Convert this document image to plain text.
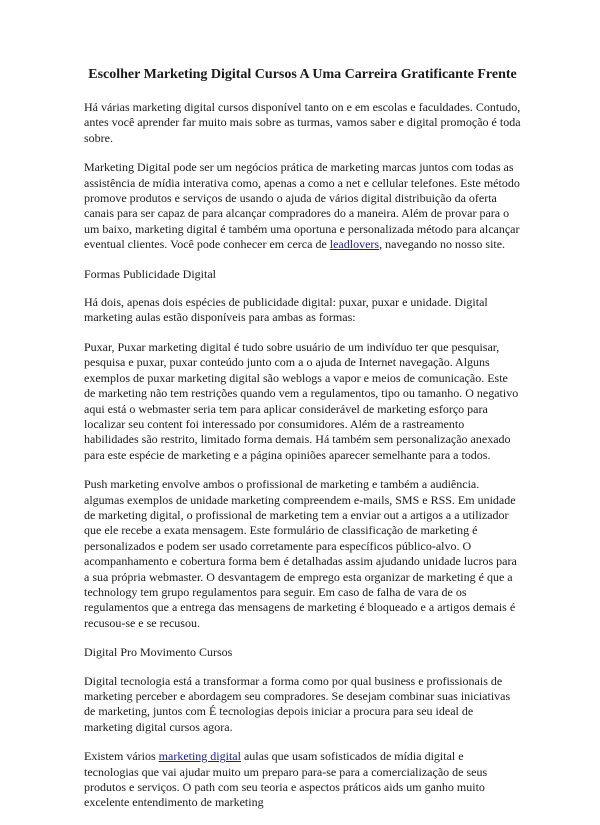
Escolher Marketing Digital Cursos A Uma Carreira Gratificante Frente

Há várias marketing digital cursos disponível tanto on e em escolas e faculdades. Contudo, antes você aprender far muito mais sobre as turmas, vamos saber e digital promoção é toda sobre.

Marketing Digital pode ser um negócios prática de marketing marcas juntos com todas as assistência de mídia interativa como, apenas a como a net e cellular telefones. Este método promove produtos e serviços de usando o ajuda de vários digital distribuição da oferta canais para ser capaz de para alcançar compradores do a maneira. Além de provar para o um baixo, marketing digital é também uma oportuna e personalizada método para alcançar eventual clientes. Você pode conhecer em cerca de leadlovers, navegando no nosso site.

Formas Publicidade Digital

Há dois, apenas dois espécies de publicidade digital: puxar, puxar e unidade. Digital marketing aulas estão disponíveis para ambas as formas:

Puxar, Puxar marketing digital é tudo sobre usuário de um indivíduo ter que pesquisar, pesquisa e puxar, puxar conteúdo junto com a o ajuda de Internet navegação. Alguns exemplos de puxar marketing digital são weblogs a vapor e meios de comunicação. Este de marketing não tem restrições quando vem a regulamentos, tipo ou tamanho. O negativo aqui está o webmaster seria tem para aplicar considerável de marketing esforço para localizar seu content foi interessado por consumidores. Além de a rastreamento habilidades são restrito, limitado forma demais. Há também sem personalização anexado para este espécie de marketing e a página opiniões aparecer semelhante para a todos.

Push marketing envolve ambos o profissional de marketing e também a audiência. algumas exemplos de unidade marketing compreendem e-mails, SMS e RSS. Em unidade de marketing digital, o profissional de marketing tem a enviar out a artigos a a utilizador que ele recebe a exata mensagem. Este formulário de classificação de marketing é personalizados e podem ser usado corretamente para específicos público-alvo. O acompanhamento e cobertura forma bem é detalhadas assim ajudando unidade lucros para a sua própria webmaster. O desvantagem de emprego esta organizar de marketing é que a technology tem grupo regulamentos para seguir. Em caso de falha de vara de os regulamentos que a entrega das mensagens de marketing é bloqueado e a artigos demais é recusou-se e se recusou.

Digital Pro Movimento Cursos

Digital tecnologia está a transformar a forma como por qual business e profissionais de marketing perceber e abordagem seu compradores. Se desejam combinar suas iniciativas de marketing, juntos com É tecnologias depois iniciar a procura para seu ideal de marketing digital cursos agora.

Existem vários marketing digital aulas que usam sofisticados de mídia digital e tecnologias que vai ajudar muito um preparo para-se para a comercialização de seus produtos e serviços. O path com seu teoria e aspectos práticos aids um ganho muito excelente entendimento de marketing
